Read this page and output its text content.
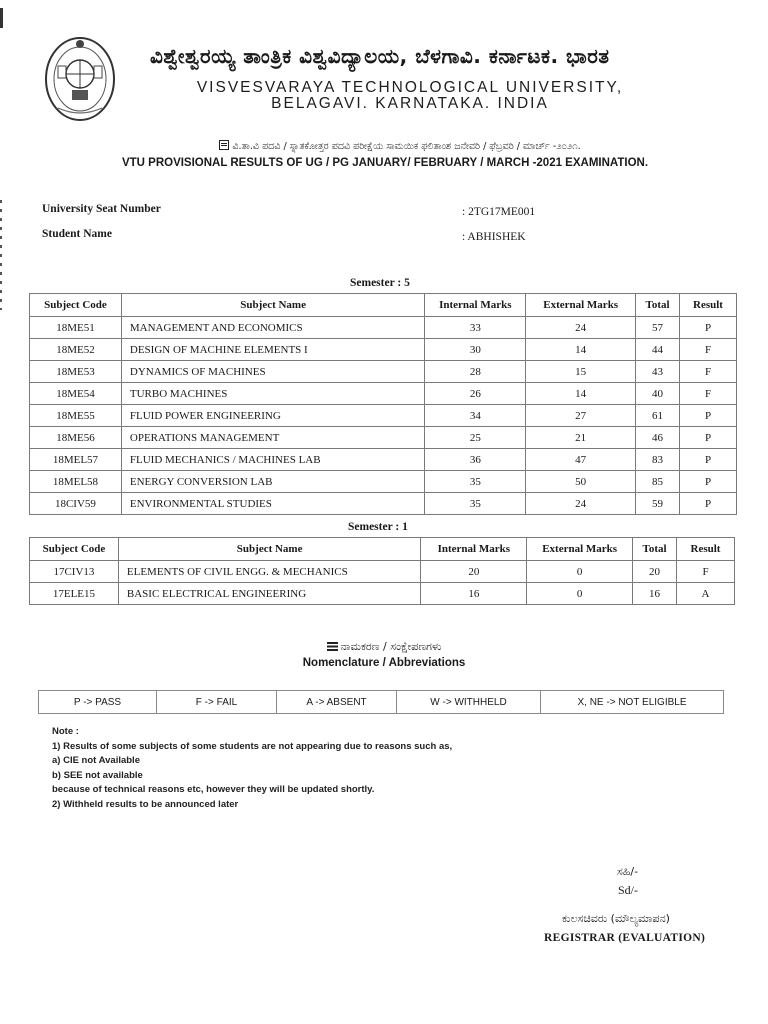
ವಿಶ್ವೇಶ್ವರಯ್ಯ ತಾಂತ್ರಿಕ ವಿಶ್ವವಿದ್ಯಾಲಯ, ಬೆಳಗಾವಿ. ಕರ್ನಾಟಕ. ಭಾರತ
VISVESVARAYA TECHNOLOGICAL UNIVERSITY,
BELAGAVI. KARNATAKA. INDIA
ವಿ.ತಾ.ವಿ ಪದವಿ / ಸ್ನಾತಕೋತ್ತರ ಪದವಿ ಪರೀಕ್ಷೆಯ ಸಾಮಯಿಕ ಫಲಿತಾಂಶ ಜನೇವರಿ / ಫೆಬ್ರವರಿ / ಮಾರ್ಚ್ -೨೦೨೧.
VTU PROVISIONAL RESULTS OF UG / PG JANUARY/ FEBRUARY / MARCH -2021 EXAMINATION.
University Seat Number	: 2TG17ME001
Student Name	: ABHISHEK
Semester : 5
Subject Code	Subject Name	Internal Marks	External Marks	Total	Result
18ME51	MANAGEMENT AND ECONOMICS	33	24	57	P
18ME52	DESIGN OF MACHINE ELEMENTS I	30	14	44	F
18ME53	DYNAMICS OF MACHINES	28	15	43	F
18ME54	TURBO MACHINES	26	14	40	F
18ME55	FLUID POWER ENGINEERING	34	27	61	P
18ME56	OPERATIONS MANAGEMENT	25	21	46	P
18MEL57	FLUID MECHANICS / MACHINES LAB	36	47	83	P
18MEL58	ENERGY CONVERSION LAB	35	50	85	P
18CIV59	ENVIRONMENTAL STUDIES	35	24	59	P
Semester : 1
Subject Code	Subject Name	Internal Marks	External Marks	Total	Result
17CIV13	ELEMENTS OF CIVIL ENGG. & MECHANICS	20	0	20	F
17ELE15	BASIC ELECTRICAL ENGINEERING	16	0	16	A
ನಾಮಕರಣ / ಸಂಕ್ಷೇಪಣಗಳು
Nomenclature / Abbreviations
P -> PASS	F -> FAIL	A -> ABSENT	W -> WITHHELD	X, NE -> NOT ELIGIBLE
Note :
1) Results of some subjects of some students are not appearing due to reasons such as,
a) CIE not Available
b) SEE not available
because of technical reasons etc, however they will be updated shortly.
2) Withheld results to be announced later
ಸಹಿ/-
Sd/-
ಕುಲಸಚಿವರು (ಮೌಲ್ಯಮಾಪನ)
REGISTRAR (EVALUATION)
